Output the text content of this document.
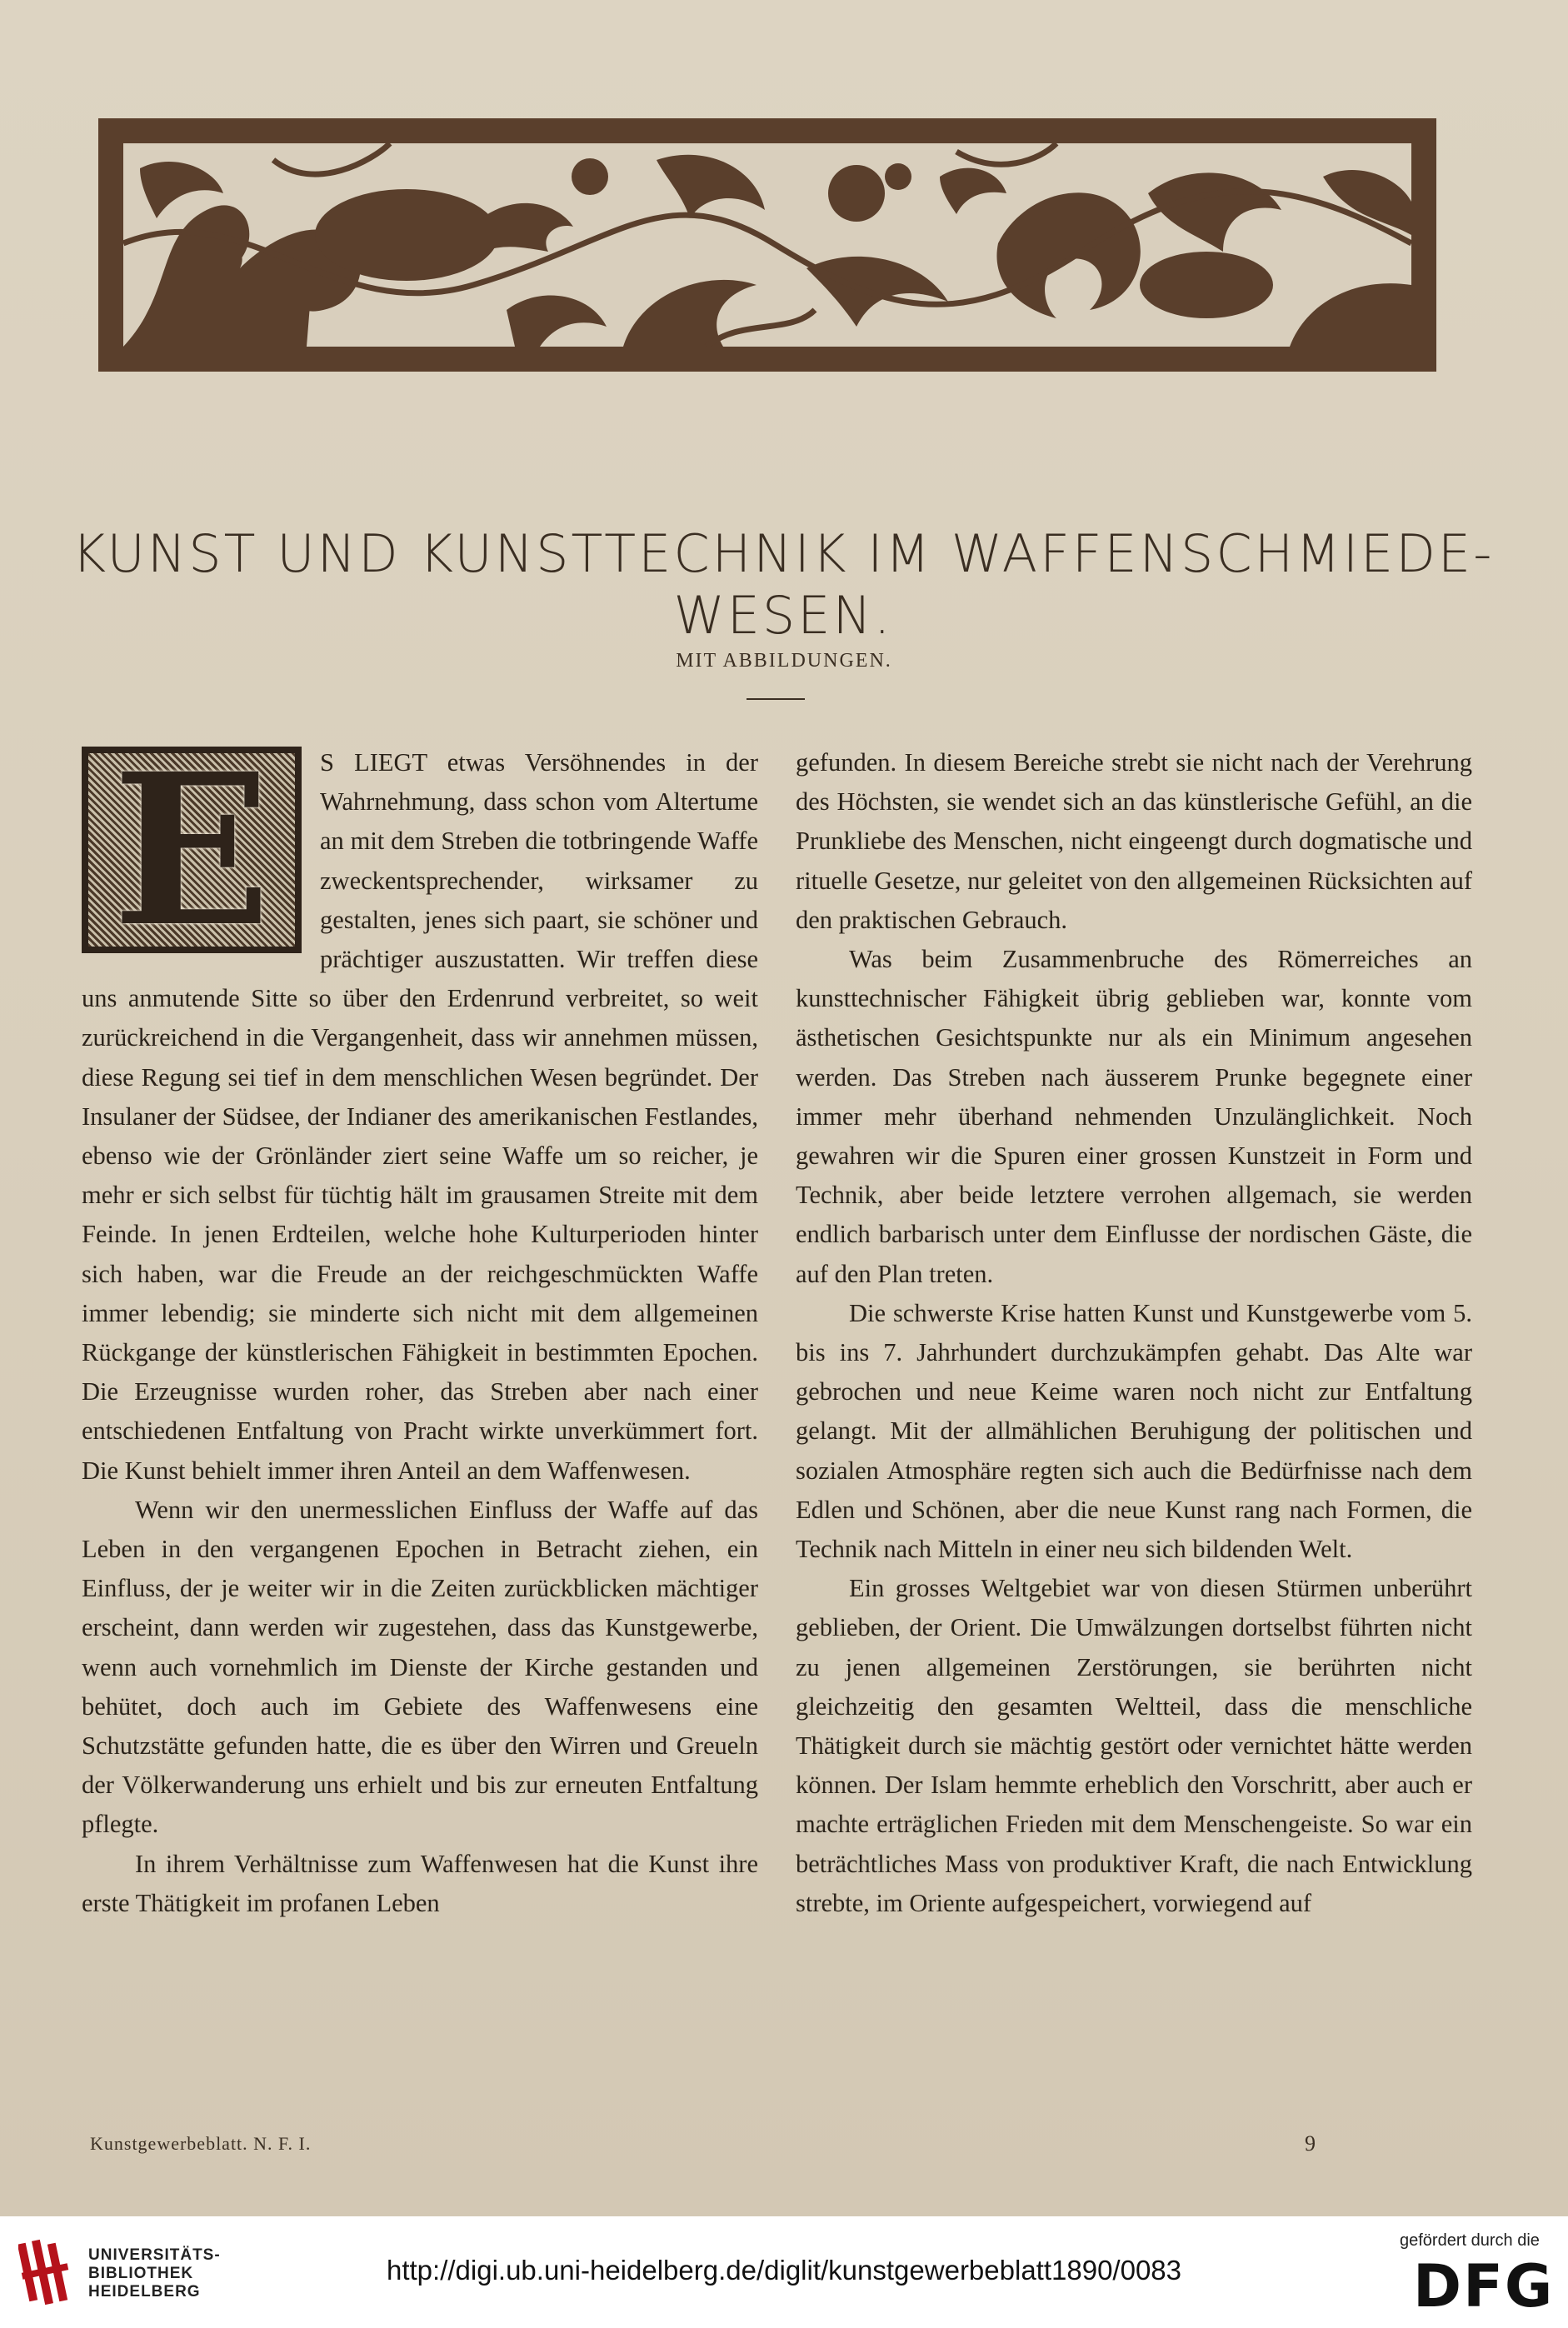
KUNST UND KUNSTTECHNIK IM WAFFENSCHMIEDE-WESEN.
MIT ABBILDUNGEN.
E	S LIEGT etwas Versöhnendes in der Wahrnehmung, dass schon vom Altertume an mit dem Streben die totbringende Waffe zweckentsprechender, wirksamer zu gestalten, jenes sich paart, sie schöner und prächtiger auszustatten. Wir treffen diese uns anmutende Sitte so über den Erdenrund verbreitet, so weit zurückreichend in die Vergangenheit, dass wir annehmen müssen, diese Regung sei tief in dem menschlichen Wesen begründet. Der Insulaner der Südsee, der Indianer des amerikanischen Festlandes, ebenso wie der Grönländer ziert seine Waffe um so reicher, je mehr er sich selbst für tüchtig hält im grausamen Streite mit dem Feinde. In jenen Erdteilen, welche hohe Kulturperioden hinter sich haben, war die Freude an der reichgeschmückten Waffe immer lebendig; sie minderte sich nicht mit dem allgemeinen Rückgange der künstlerischen Fähigkeit in bestimmten Epochen. Die Erzeugnisse wurden roher, das Streben aber nach einer entschiedenen Entfaltung von Pracht wirkte unverkümmert fort. Die Kunst behielt immer ihren Anteil an dem Waffenwesen.

Wenn wir den unermesslichen Einfluss der Waffe auf das Leben in den vergangenen Epochen in Betracht ziehen, ein Einfluss, der je weiter wir in die Zeiten zurückblicken mächtiger erscheint, dann werden wir zugestehen, dass das Kunstgewerbe, wenn auch vornehmlich im Dienste der Kirche gestanden und behütet, doch auch im Gebiete des Waffenwesens eine Schutzstätte gefunden hatte, die es über den Wirren und Greueln der Völkerwanderung uns erhielt und bis zur erneuten Entfaltung pflegte.

In ihrem Verhältnisse zum Waffenwesen hat die Kunst ihre erste Thätigkeit im profanen Leben

gefunden. In diesem Bereiche strebt sie nicht nach der Verehrung des Höchsten, sie wendet sich an das künstlerische Gefühl, an die Prunkliebe des Menschen, nicht eingeengt durch dogmatische und rituelle Gesetze, nur geleitet von den allgemeinen Rücksichten auf den praktischen Gebrauch.

Was beim Zusammenbruche des Römerreiches an kunsttechnischer Fähigkeit übrig geblieben war, konnte vom ästhetischen Gesichtspunkte nur als ein Minimum angesehen werden. Das Streben nach äusserem Prunke begegnete einer immer mehr überhand nehmenden Unzulänglichkeit. Noch gewahren wir die Spuren einer grossen Kunstzeit in Form und Technik, aber beide letztere verrohen allgemach, sie werden endlich barbarisch unter dem Einflusse der nordischen Gäste, die auf den Plan treten.

Die schwerste Krise hatten Kunst und Kunstgewerbe vom 5. bis ins 7. Jahrhundert durchzukämpfen gehabt. Das Alte war gebrochen und neue Keime waren noch nicht zur Entfaltung gelangt. Mit der allmählichen Beruhigung der politischen und sozialen Atmosphäre regten sich auch die Bedürfnisse nach dem Edlen und Schönen, aber die neue Kunst rang nach Formen, die Technik nach Mitteln in einer neu sich bildenden Welt.

Ein grosses Weltgebiet war von diesen Stürmen unberührt geblieben, der Orient. Die Umwälzungen dortselbst führten nicht zu jenen allgemeinen Zerstörungen, sie berührten nicht gleichzeitig den gesamten Weltteil, dass die menschliche Thätigkeit durch sie mächtig gestört oder vernichtet hätte werden können. Der Islam hemmte erheblich den Vorschritt, aber auch er machte erträglichen Frieden mit dem Menschengeiste. So war ein beträchtliches Mass von produktiver Kraft, die nach Entwicklung strebte, im Oriente aufgespeichert, vorwiegend auf

Kunstgewerbeblatt. N. F. I.	9
UNIVERSITÄTS-
BIBLIOTHEK
HEIDELBERG
http://digi.ub.uni-heidelberg.de/diglit/kunstgewerbeblatt1890/0083
gefördert durch die
DFG
